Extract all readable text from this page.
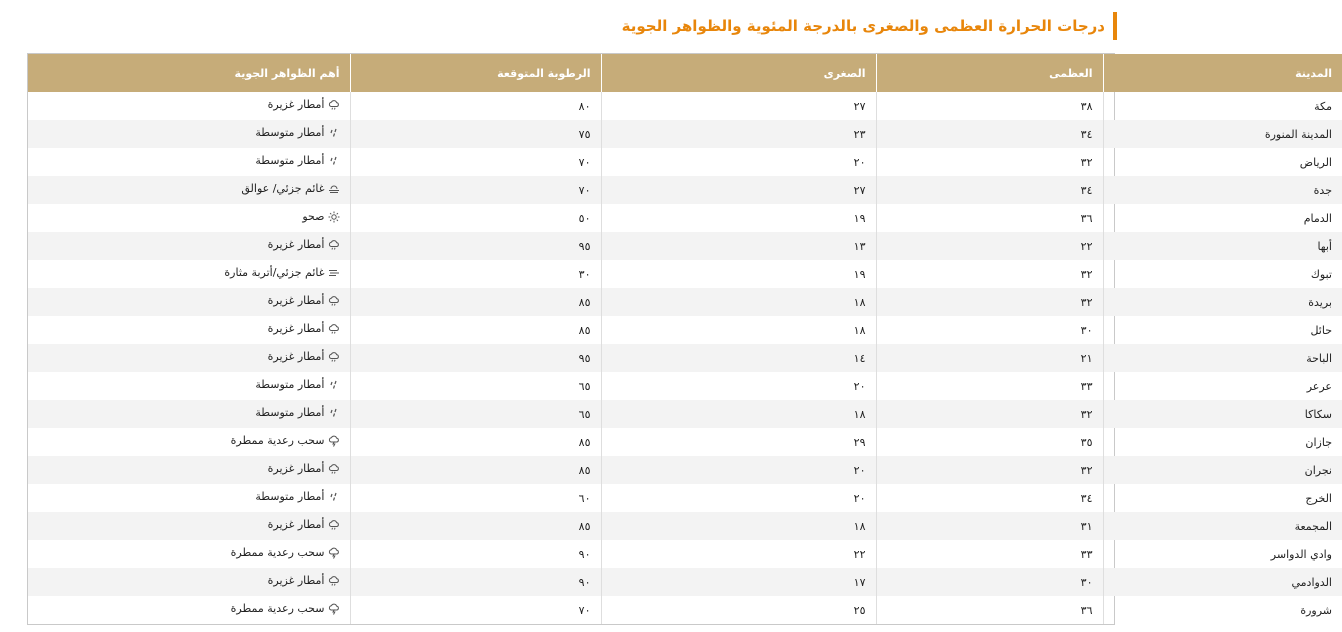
درجات الحرارة العظمى والصغرى بالدرجة المئوية والظواهر الجوية
المدينة	العظمى	الصغرى	الرطوبة المتوقعة	أهم الظواهر الجوية
مكة	٣٨	٢٧	٨٠	أمطار غزيرة

المدينة المنورة	٣٤	٢٣	٧٥	أمطار متوسطة

الرياض	٣٢	٢٠	٧٠	أمطار متوسطة

جدة	٣٤	٢٧	٧٠	غائم جزئي/ عوالق

الدمام	٣٦	١٩	٥٠	صحو

أبها	٢٢	١٣	٩٥	أمطار غزيرة

تبوك	٣٢	١٩	٣٠	غائم جزئي/أتربة مثارة

بريدة	٣٢	١٨	٨٥	أمطار غزيرة

حائل	٣٠	١٨	٨٥	أمطار غزيرة

الباحة	٢١	١٤	٩٥	أمطار غزيرة

عرعر	٣٣	٢٠	٦٥	أمطار متوسطة

سكاكا	٣٢	١٨	٦٥	أمطار متوسطة

جازان	٣٥	٢٩	٨٥	سحب رعدية ممطرة

نجران	٣٢	٢٠	٨٥	أمطار غزيرة

الخرج	٣٤	٢٠	٦٠	أمطار متوسطة

المجمعة	٣١	١٨	٨٥	أمطار غزيرة

وادي الدواسر	٣٣	٢٢	٩٠	سحب رعدية ممطرة

الدوادمي	٣٠	١٧	٩٠	أمطار غزيرة

شرورة	٣٦	٢٥	٧٠	سحب رعدية ممطرة
